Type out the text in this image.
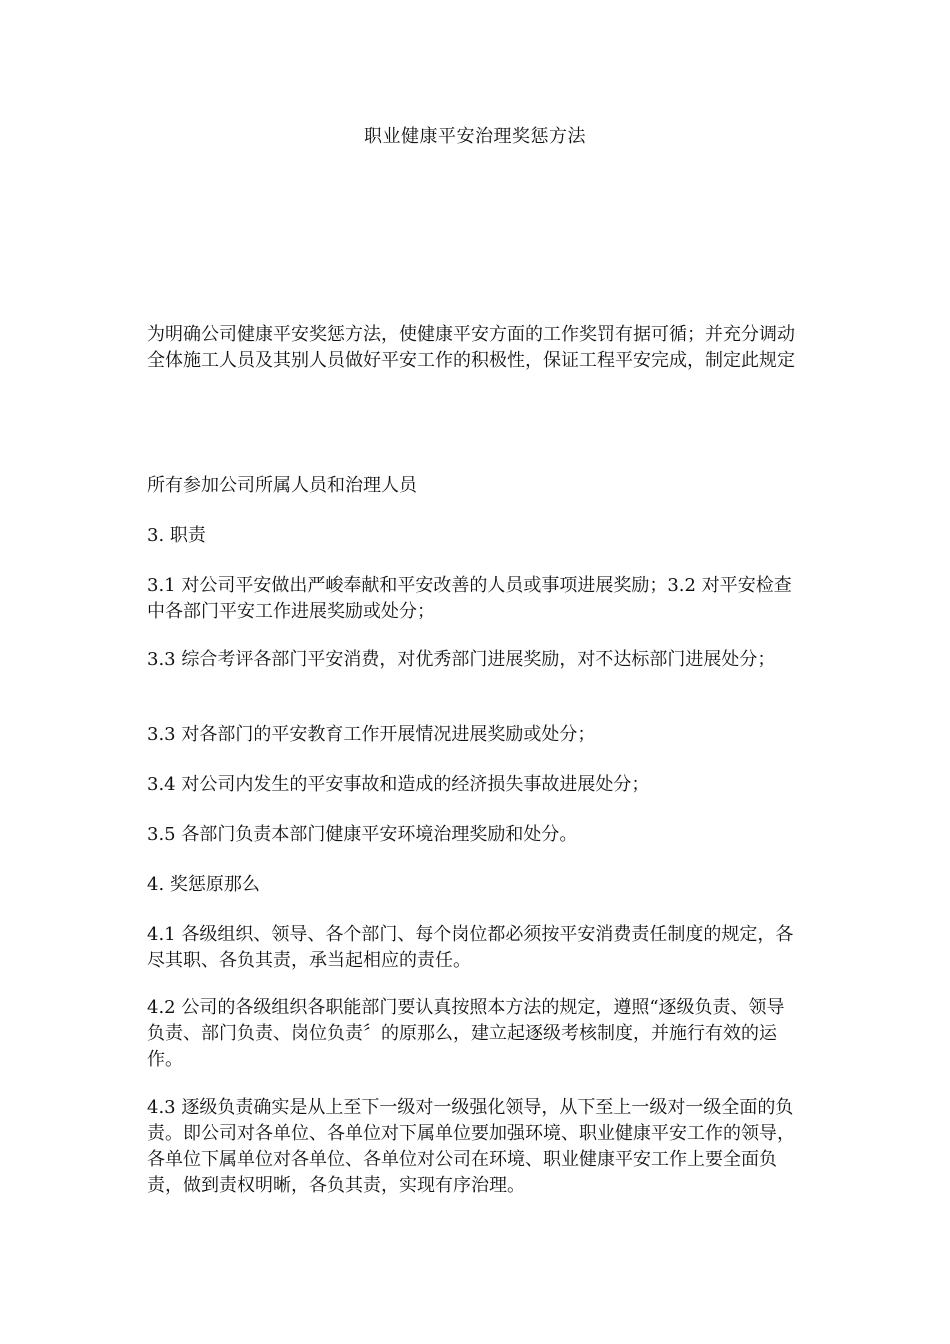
职业健康平安治理奖惩方法

为明确公司健康平安奖惩方法，使健康平安方面的工作奖罚有据可循；并充分调动全体施工人员及其别人员做好平安工作的积极性，保证工程平安完成，制定此规定

所有参加公司所属人员和治理人员

3. 职责

3.1 对公司平安做出严峻奉献和平安改善的人员或事项进展奖励；3.2 对平安检查中各部门平安工作进展奖励或处分；

3.3 综合考评各部门平安消费，对优秀部门进展奖励，对不达标部门进展处分；

3.3 对各部门的平安教育工作开展情况进展奖励或处分；

3.4 对公司内发生的平安事故和造成的经济损失事故进展处分；

3.5 各部门负责本部门健康平安环境治理奖励和处分。

4. 奖惩原那么

4.1 各级组织、领导、各个部门、每个岗位都必须按平安消费责任制度的规定，各尽其职、各负其责，承当起相应的责任。

4.2 公司的各级组织各职能部门要认真按照本方法的规定，遵照“逐级负责、领导负责、部门负责、岗位负责〞的原那么，建立起逐级考核制度，并施行有效的运作。

4.3 逐级负责确实是从上至下一级对一级强化领导，从下至上一级对一级全面的负责。即公司对各单位、各单位对下属单位要加强环境、职业健康平安工作的领导，各单位下属单位对各单位、各单位对公司在环境、职业健康平安工作上要全面负责，做到责权明晰，各负其责，实现有序治理。
